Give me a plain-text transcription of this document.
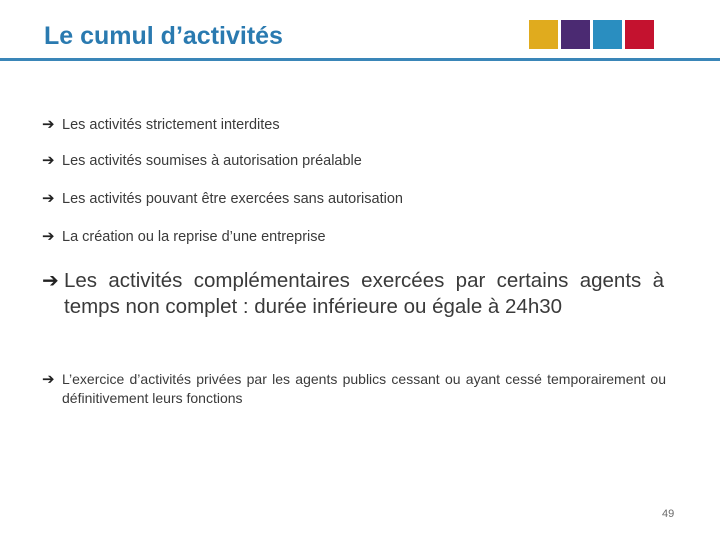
Le cumul d’activités
➔ Les activités strictement interdites
➔ Les activités soumises à autorisation préalable
➔ Les activités pouvant être exercées sans autorisation
➔ La création ou la reprise d’une entreprise
➔ Les activités complémentaires exercées par certains agents à temps non complet : durée inférieure ou égale à 24h30
➔ L’exercice d’activités privées par les agents publics cessant ou ayant cessé temporairement ou définitivement leurs fonctions
49
